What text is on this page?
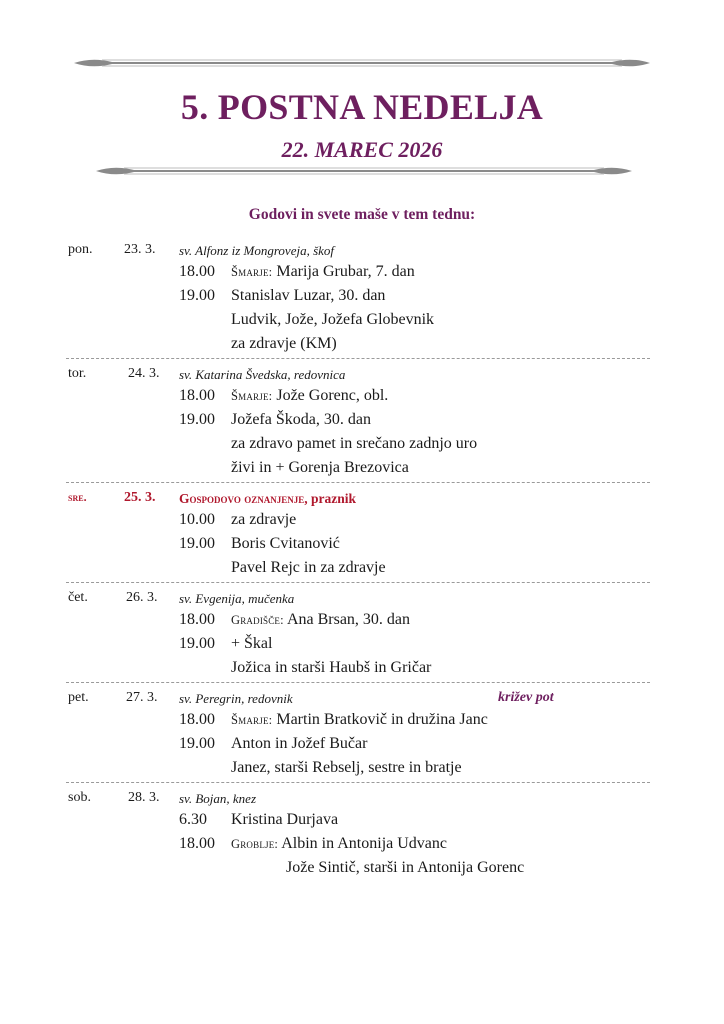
5. POSTNA NEDELJA
22. MAREC 2026
Godovi in svete maše v tem tednu:
pon. 23. 3. sv. Alfonz iz Mongroveja, škof
18.00 Šmarje: Marija Grubar, 7. dan
19.00 Stanislav Luzar, 30. dan
Ludvik, Jože, Jožefa Globevnik
za zdravje (KM)
tor.	24. 3. sv. Katarina Švedska, redovnica
18.00 Šmarje: Jože Gorenc, obl.
19.00 Jožefa Škoda, 30. dan
za zdravo pamet in srečano zadnjo uro
živi in + Gorenja Brezovica
sre.	25. 3. Gospodovo oznanjenje, praznik
10.00 za zdravje
19.00 Boris Cvitanović
Pavel Rejc in za zdravje
čet.	26. 3. sv. Evgenija, mučenka
18.00 Gradišče: Ana Brsan, 30. dan
19.00 + Škal
Jožica in starši Haubš in Gričar
pet.	27. 3. sv. Peregrin, redovnik	križev pot
18.00 Šmarje: Martin Bratkovič in družina Janc
19.00 Anton in Jožef Bučar
Janez, starši Rebselj, sestre in bratje
sob.	28. 3. sv. Bojan, knez
6.30 Kristina Durjava
18.00 Groblje: Albin in Antonija Udvanc
Jože Sintič, starši in Antonija Gorenc
